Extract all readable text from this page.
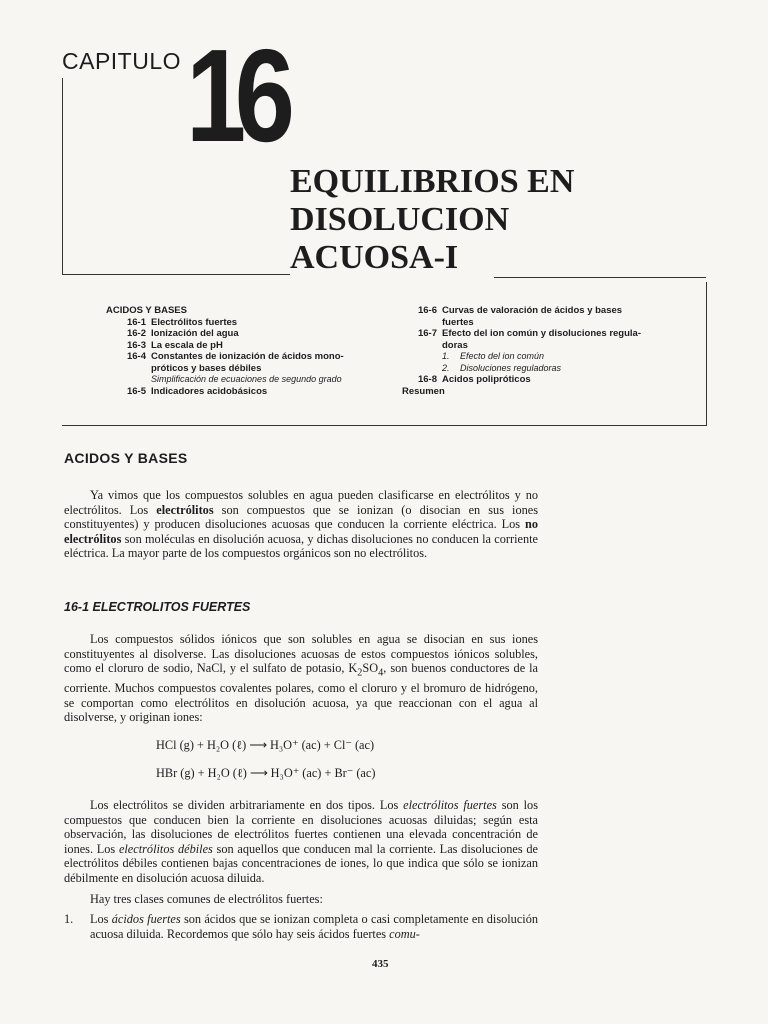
CAPITULO 16
EQUILIBRIOS EN
DISOLUCION
ACUOSA-I
ACIDOS Y BASES
16-1 Electrólitos fuertes
16-2 Ionización del agua
16-3 La escala de pH
16-4 Constantes de ionización de ácidos mono-
próticos y bases débiles
Simplificación de ecuaciones de segundo grado
16-5 Indicadores acidobásicos
16-6 Curvas de valoración de ácidos y bases
fuertes
16-7 Efecto del ion común y disoluciones regula-
doras
1.	Efecto del ion común
2.	Disoluciones reguladoras
16-8 Acidos polipróticos
Resumen
ACIDOS Y BASES

Ya vimos que los compuestos solubles en agua pueden clasificarse en electrólitos y no electrólitos. Los electrólitos son compuestos que se ionizan (o disocian en sus iones constituyentes) y producen disoluciones acuosas que conducen la corriente eléctrica. Los no electrólitos son moléculas en disolución acuosa, y dichas disoluciones no conducen la corriente eléctrica. La mayor parte de los compuestos orgánicos son no electrólitos.

16-1 ELECTROLITOS FUERTES

Los compuestos sólidos iónicos que son solubles en agua se disocian en sus iones constituyentes al disolverse. Las disoluciones acuosas de estos compuestos iónicos solubles, como el cloruro de sodio, NaCl, y el sulfato de potasio, $K_2SO_4$, son buenos conductores de la corriente. Muchos compuestos covalentes polares, como el cloruro y el bromuro de hidrógeno, se comportan como electrólitos en disolución acuosa, ya que reaccionan con el agua al disolverse, y originan iones:

HCl (g) + H₂O (ℓ) ⟶ H₃O⁺ (ac) + Cl⁻ (ac)
HBr (g) + H₂O (ℓ) ⟶ H₃O⁺ (ac) + Br⁻ (ac)

Los electrólitos se dividen arbitrariamente en dos tipos. Los electrólitos fuertes son los compuestos que conducen bien la corriente en disoluciones acuosas diluidas; según esta observación, las disoluciones de electrólitos fuertes contienen una elevada concentración de iones. Los electrólitos débiles son aquellos que conducen mal la corriente. Las disoluciones de electrólitos débiles contienen bajas concentraciones de iones, lo que indica que sólo se ionizan débilmente en disolución acuosa diluida.

Hay tres clases comunes de electrólitos fuertes:

1.	Los ácidos fuertes son ácidos que se ionizan completa o casi completamente en disolución acuosa diluida. Recordemos que sólo hay seis ácidos fuertes comu-
435
